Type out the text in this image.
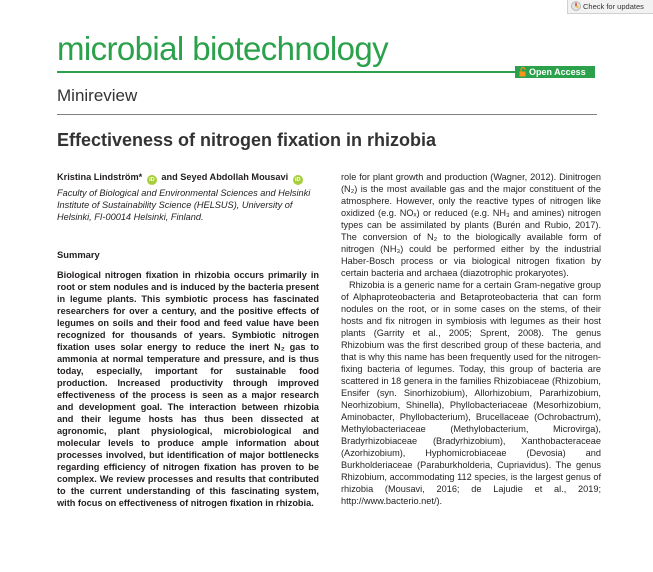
Check for updates
microbial biotechnology
Open Access
Minireview
Effectiveness of nitrogen fixation in rhizobia
Kristina Lindström* iD and Seyed Abdollah Mousavi iD
Faculty of Biological and Environmental Sciences and Helsinki Institute of Sustainability Science (HELSUS), University of Helsinki, FI-00014 Helsinki, Finland.
Summary
Biological nitrogen fixation in rhizobia occurs primarily in root or stem nodules and is induced by the bacteria present in legume plants. This symbiotic process has fascinated researchers for over a century, and the positive effects of legumes on soils and their food and feed value have been recognized for thousands of years. Symbiotic nitrogen fixation uses solar energy to reduce the inert N₂ gas to ammonia at normal temperature and pressure, and is thus today, especially, important for sustainable food production. Increased productivity through improved effectiveness of the process is seen as a major research and development goal. The interaction between rhizobia and their legume hosts has thus been dissected at agronomic, plant physiological, microbiological and molecular levels to produce ample information about processes involved, but identification of major bottlenecks regarding efficiency of nitrogen fixation has proven to be complex. We review processes and results that contributed to the current understanding of this fascinating system, with focus on effectiveness of nitrogen fixation in rhizobia.

role for plant growth and production (Wagner, 2012). Dinitrogen (N₂) is the most available gas and the major constituent of the atmosphere. However, only the reactive types of nitrogen like oxidized (e.g. NOₓ) or reduced (e.g. NH₃ and amines) nitrogen types can be assimilated by plants (Burén and Rubio, 2017). The conversion of N₂ to the biologically available form of nitrogen (NH₃) could be performed either by the industrial Haber-Bosch process or via biological nitrogen fixation by certain bacteria and archaea (diazotrophic prokaryotes).

Rhizobia is a generic name for a certain Gram-negative group of Alphaproteobacteria and Betaproteobacteria that can form nodules on the root, or in some cases on the stems, of their hosts and fix nitrogen in symbiosis with legumes as their host plants (Garrity et al., 2005; Sprent, 2008). The genus Rhizobium was the first described group of these bacteria, and that is why this name has been frequently used for the nitrogen-fixing bacteria of legumes. Today, this group of bacteria are scattered in 18 genera in the families Rhizobiaceae (Rhizobium, Ensifer (syn. Sinorhizobium), Allorhizobium, Pararhizobium, Neorhizobium, Shinella), Phyllobacteriaceae (Mesorhizobium, Aminobacter, Phyllobacterium), Brucellaceae (Ochrobactrum), Methylobacteriaceae (Methylobacterium, Microvirga), Bradyrhizobiaceae (Bradyrhizobium), Xanthobacteraceae (Azorhizobium), Hyphomicrobiaceae (Devosia) and Burkholderiaceae (Paraburkholderia, Cupriavidus). The genus Rhizobium, accommodating 112 species, is the largest genus of rhizobia (Mousavi, 2016; de Lajudie et al., 2019; http://www.bacterio.net/).
